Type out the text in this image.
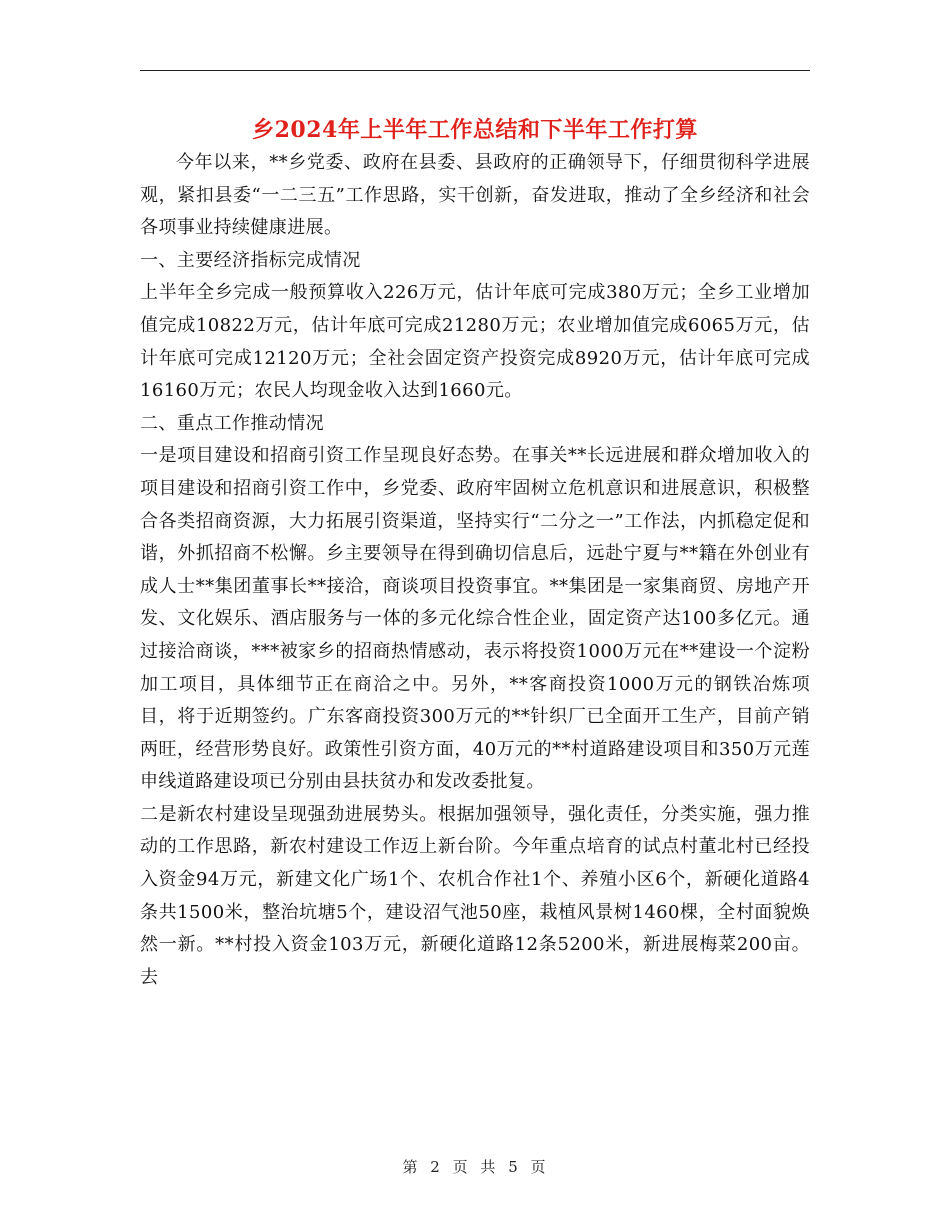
乡2024年上半年工作总结和下半年工作打算

今年以来，**乡党委、政府在县委、县政府的正确领导下，仔细贯彻科学进展观，紧扣县委“一二三五”工作思路，实干创新，奋发进取，推动了全乡经济和社会各项事业持续健康进展。

一、主要经济指标完成情况

上半年全乡完成一般预算收入226万元，估计年底可完成380万元；全乡工业增加值完成10822万元，估计年底可完成21280万元；农业增加值完成6065万元，估计年底可完成12120万元；全社会固定资产投资完成8920万元，估计年底可完成16160万元；农民人均现金收入达到1660元。

二、重点工作推动情况

一是项目建设和招商引资工作呈现良好态势。在事关**长远进展和群众增加收入的项目建设和招商引资工作中，乡党委、政府牢固树立危机意识和进展意识，积极整合各类招商资源，大力拓展引资渠道，坚持实行“二分之一”工作法，内抓稳定促和谐，外抓招商不松懈。乡主要领导在得到确切信息后，远赴宁夏与**籍在外创业有成人士**集团董事长**接洽，商谈项目投资事宜。**集团是一家集商贸、房地产开发、文化娱乐、酒店服务与一体的多元化综合性企业，固定资产达100多亿元。通过接洽商谈，***被家乡的招商热情感动，表示将投资1000万元在**建设一个淀粉加工项目，具体细节正在商洽之中。另外，**客商投资1000万元的钢铁冶炼项目，将于近期签约。广东客商投资300万元的**针织厂已全面开工生产，目前产销两旺，经营形势良好。政策性引资方面，40万元的**村道路建设项目和350万元莲申线道路建设项已分别由县扶贫办和发改委批复。

二是新农村建设呈现强劲进展势头。根据加强领导，强化责任，分类实施，强力推动的工作思路，新农村建设工作迈上新台阶。今年重点培育的试点村董北村已经投入资金94万元，新建文化广场1个、农机合作社1个、养殖小区6个，新硬化道路4条共1500米，整治坑塘5个，建设沼气池50座，栽植风景树1460棵，全村面貌焕然一新。**村投入资金103万元，新硬化道路12条5200米，新进展梅菜200亩。去

第 2 页 共 5 页
